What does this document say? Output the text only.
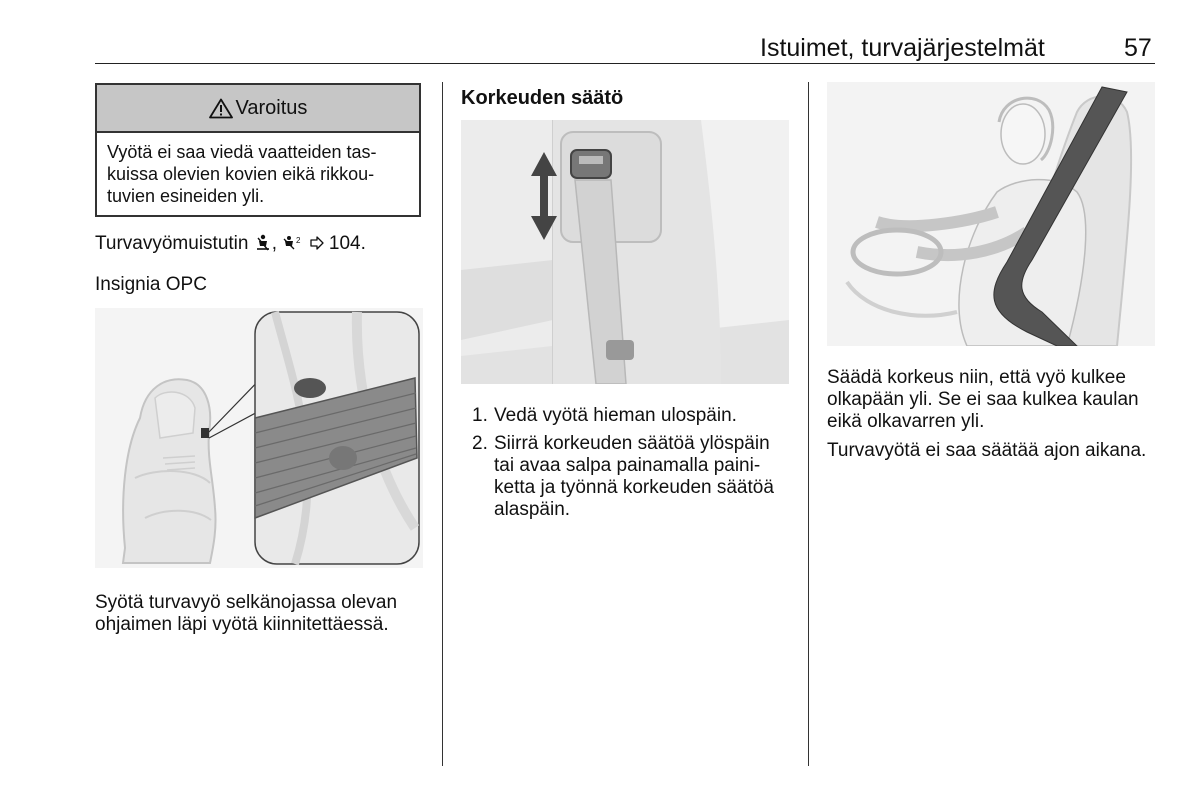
Istuimet, turvajärjestelmät	57
Varoitus
Vyötä ei saa viedä vaatteiden taskuissa olevien kovien eikä rikkoutuvien esineiden yli.
Turvavyömuistutin , 2 104.
Insignia OPC

Syötä turvavyö selkänojassa olevan ohjaimen läpi vyötä kiinnitettäessä.

Korkeuden säätö
1. Vedä vyötä hieman ulospäin.
2. Siirrä korkeuden säätöä ylöspäin tai avaa salpa painamalla painiketta ja työnnä korkeuden säätöä alaspäin.

Säädä korkeus niin, että vyö kulkee olkapään yli. Se ei saa kulkea kaulan eikä olkavarren yli.

Turvavyötä ei saa säätää ajon aikana.
